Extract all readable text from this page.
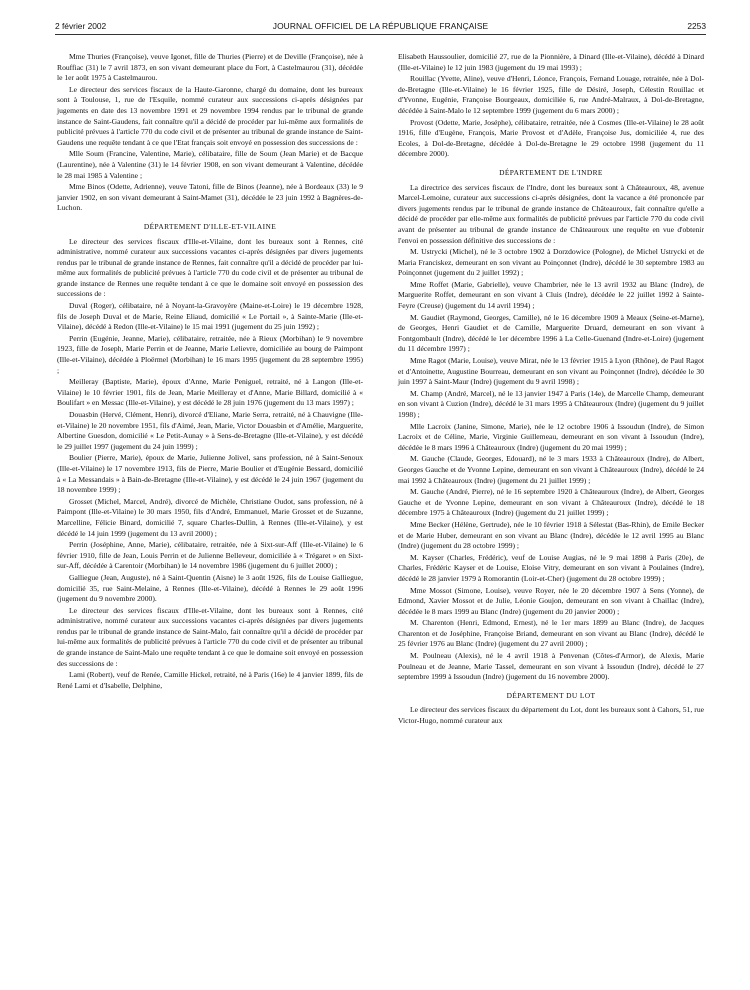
2 février 2002	JOURNAL OFFICIEL DE LA RÉPUBLIQUE FRANÇAISE	2253

Mme Thuries (Françoise), veuve Igonet, fille de Thuries (Pierre) et de Deville (Françoise), née à Rouffiac (31) le 7 avril 1873, en son vivant demeurant place du Fort, à Castelmaurou (31), décédée le 1er août 1975 à Castelmaurou.

Le directeur des services fiscaux de la Haute-Garonne, chargé du domaine, dont les bureaux sont à Toulouse, 1, rue de l'Esquile, nommé curateur aux successions ci-après désignées par jugements en date des 13 novembre 1991 et 29 novembre 1994 rendus par le tribunal de grande instance de Saint-Gaudens, fait connaître qu'il a décidé de procéder par lui-même aux formalités de publicité prévues à l'article 770 du code civil et de présenter au tribunal de grande instance de Saint-Gaudens une requête tendant à ce que l'Etat français soit envoyé en possession des successions de :

Mlle Soum (Francine, Valentine, Marie), célibataire, fille de Soum (Jean Marie) et de Bacque (Laurentine), née à Valentine (31) le 14 février 1908, en son vivant demeurant à Valentine, décédée le 28 mai 1985 à Valentine ;

Mme Binos (Odette, Adrienne), veuve Tatoni, fille de Binos (Jeanne), née à Bordeaux (33) le 9 janvier 1902, en son vivant demeurant à Saint-Mamet (31), décédée le 23 juin 1992 à Bagnères-de-Luchon.

DÉPARTEMENT D'ILLE-ET-VILAINE

Le directeur des services fiscaux d'Ille-et-Vilaine, dont les bureaux sont à Rennes, cité administrative, nommé curateur aux successions vacantes ci-après désignées par divers jugements rendus par le tribunal de grande instance de Rennes, fait connaître qu'il a décidé de procéder par lui-même aux formalités de publicité prévues à l'article 770 du code civil et de présenter au tribunal de grande instance de Rennes une requête tendant à ce que le domaine soit envoyé en possession des successions de :

Duval (Roger), célibataire, né à Noyant-la-Gravoyère (Maine-et-Loire) le 19 décembre 1928, fils de Joseph Duval et de Marie, Reine Eliaud, domicilié « Le Portail », à Sainte-Marie (Ille-et-Vilaine), décédé à Redon (Ille-et-Vilaine) le 15 mai 1991 (jugement du 25 juin 1992) ;

Perrin (Eugénie, Jeanne, Marie), célibataire, retraitée, née à Rieux (Morbihan) le 9 novembre 1923, fille de Joseph, Marie Perrin et de Jeanne, Marie Lelievre, domiciliée au bourg de Paimpont (Ille-et-Vilaine), décédée à Ploërmel (Morbihan) le 16 mars 1995 (jugement du 28 septembre 1995) ;

Meilleray (Baptiste, Marie), époux d'Anne, Marie Peniguel, retraité, né à Langon (Ille-et-Vilaine) le 10 février 1901, fils de Jean, Marie Meilleray et d'Anne, Marie Billard, domicilié à « Boulifart » en Messac (Ille-et-Vilaine), y est décédé le 28 juin 1976 (jugement du 13 mars 1997) ;

Douasbin (Hervé, Clément, Henri), divorcé d'Eliane, Marie Serra, retraité, né à Chauvigne (Ille-et-Vilaine) le 20 novembre 1951, fils d'Aimé, Jean, Marie, Victor Douasbin et d'Amélie, Marguerite, Albertine Guesdon, domicilié « Le Petit-Aunay » à Sens-de-Bretagne (Ille-et-Vilaine), y est décédé le 29 juillet 1997 (jugement du 24 juin 1999) ;

Boulier (Pierre, Marie), époux de Marie, Julienne Jolivel, sans profession, né à Saint-Senoux (Ille-et-Vilaine) le 17 novembre 1913, fils de Pierre, Marie Boulier et d'Eugénie Bessard, domicilié à « La Messandais » à Bain-de-Bretagne (Ille-et-Vilaine), y est décédé le 24 juin 1967 (jugement du 18 novembre 1999) ;

Grosset (Michel, Marcel, André), divorcé de Michèle, Christiane Oudot, sans profession, né à Paimpont (Ille-et-Vilaine) le 30 mars 1950, fils d'André, Emmanuel, Marie Grosset et de Suzanne, Marcelline, Félicie Binard, domicilié 7, square Charles-Dullin, à Rennes (Ille-et-Vilaine), y est décédé le 14 juin 1999 (jugement du 13 avril 2000) ;

Perrin (Joséphine, Anne, Marie), célibataire, retraitée, née à Sixt-sur-Aff (Ille-et-Vilaine) le 6 février 1910, fille de Jean, Louis Perrin et de Julienne Belleveur, domiciliée à « Trégaret » en Sixt-sur-Aff, décédée à Carentoir (Morbihan) le 14 novembre 1986 (jugement du 6 juillet 2000) ;

Galliegue (Jean, Auguste), né à Saint-Quentin (Aisne) le 3 août 1926, fils de Louise Galliegue, domicilié 35, rue Saint-Melaine, à Rennes (Ille-et-Vilaine), décédé à Rennes le 29 août 1996 (jugement du 9 novembre 2000).

Le directeur des services fiscaux d'Ille-et-Vilaine, dont les bureaux sont à Rennes, cité administrative, nommé curateur aux successions vacantes ci-après désignées par divers jugements rendus par le tribunal de grande instance de Saint-Malo, fait connaître qu'il a décidé de procéder par lui-même aux formalités de publicité prévues à l'article 770 du code civil et de présenter au tribunal de grande instance de Saint-Malo une requête tendant à ce que le domaine soit envoyé en possession des successions de :

Lami (Robert), veuf de Renée, Camille Hickel, retraité, né à Paris (16e) le 4 janvier 1899, fils de René Lami et d'Isabelle, Delphine,

Elisabeth Haussoulier, domicilié 27, rue de la Pionnière, à Dinard (Ille-et-Vilaine), décédé à Dinard (Ille-et-Vilaine) le 12 juin 1983 (jugement du 19 mai 1993) ;

Rouillac (Yvette, Aline), veuve d'Henri, Léonce, François, Fernand Louage, retraitée, née à Dol-de-Bretagne (Ille-et-Vilaine) le 16 février 1925, fille de Désiré, Joseph, Célestin Rouillac et d'Yvonne, Eugénie, Françoise Bourgeaux, domiciliée 6, rue André-Malraux, à Dol-de-Bretagne, décédée à Saint-Malo le 12 septembre 1999 (jugement du 6 mars 2000) ;

Provost (Odette, Marie, Joséphe), célibataire, retraitée, née à Cosmes (Ille-et-Vilaine) le 28 août 1916, fille d'Eugène, François, Marie Provost et d'Adèle, Françoise Jus, domiciliée 4, rue des Ecoles, à Dol-de-Bretagne, décédée à Dol-de-Bretagne le 29 octobre 1998 (jugement du 11 décembre 2000).

DÉPARTEMENT DE L'INDRE

La directrice des services fiscaux de l'Indre, dont les bureaux sont à Châteauroux, 48, avenue Marcel-Lemoine, curateur aux successions ci-après désignées, dont la vacance a été prononcée par divers jugements rendus par le tribunal de grande instance de Châteauroux, fait connaître qu'elle a décidé de procéder par elle-même aux formalités de publicité prévues par l'article 770 du code civil avant de présenter au tribunal de grande instance de Châteauroux une requête en vue d'obtenir l'envoi en possession définitive des successions de :

M. Ustrycki (Michel), né le 3 octobre 1902 à Dorzdowice (Pologne), de Michel Ustrycki et de Maria Franciskez, demeurant en son vivant au Poinçonnet (Indre), décédé le 30 septembre 1983 au Poinçonnet (jugement du 2 juillet 1992) ;

Mme Roffet (Marie, Gabrielle), veuve Chambrier, née le 13 avril 1932 au Blanc (Indre), de Marguerite Roffet, demeurant en son vivant à Cluis (Indre), décédée le 22 juillet 1992 à Sainte-Feyre (Creuse) (jugement du 14 avril 1994) ;

M. Gaudiet (Raymond, Georges, Camille), né le 16 décembre 1909 à Meaux (Seine-et-Marne), de Georges, Henri Gaudiet et de Camille, Marguerite Druard, demeurant en son vivant à Fontgombault (Indre), décédé le 1er décembre 1996 à La Celle-Guenand (Indre-et-Loire) (jugement du 11 décembre 1997) ;

Mme Ragot (Marie, Louise), veuve Mirat, née le 13 février 1915 à Lyon (Rhône), de Paul Ragot et d'Antoinette, Augustine Bourreau, demeurant en son vivant au Poinçonnet (Indre), décédée le 30 juin 1997 à Saint-Maur (Indre) (jugement du 9 avril 1998) ;

M. Champ (André, Marcel), né le 13 janvier 1947 à Paris (14e), de Marcelle Champ, demeurant en son vivant à Cuzion (Indre), décédé le 31 mars 1995 à Châteauroux (Indre) (jugement du 9 juillet 1998) ;

Mlle Lacroix (Janine, Simone, Marie), née le 12 octobre 1906 à Issoudun (Indre), de Simon Lacroix et de Céline, Marie, Virginie Guillemeau, demeurant en son vivant à Issoudun (Indre), décédée le 8 mars 1996 à Châteauroux (Indre) (jugement du 20 mai 1999) ;

M. Gauche (Claude, Georges, Edouard), né le 3 mars 1933 à Châteauroux (Indre), de Albert, Georges Gauche et de Yvonne Lepine, demeurant en son vivant à Châteauroux (Indre), décédé le 24 mai 1992 à Châteauroux (Indre) (jugement du 21 juillet 1999) ;

M. Gauche (André, Pierre), né le 16 septembre 1920 à Châteauroux (Indre), de Albert, Georges Gauche et de Yvonne Lepine, demeurant en son vivant à Châteauroux (Indre), décédé le 18 décembre 1975 à Châteauroux (Indre) (jugement du 21 juillet 1999) ;

Mme Becker (Hélène, Gertrude), née le 10 février 1918 à Sélestat (Bas-Rhin), de Emile Becker et de Marie Huber, demeurant en son vivant au Blanc (Indre), décédée le 12 avril 1995 au Blanc (Indre) (jugement du 28 octobre 1999) ;

M. Kayser (Charles, Frédéric), veuf de Louise Augias, né le 9 mai 1898 à Paris (20e), de Charles, Frédéric Kayser et de Louise, Eloise Vitry, demeurant en son vivant à Poulaines (Indre), décédé le 28 janvier 1979 à Romorantin (Loir-et-Cher) (jugement du 28 octobre 1999) ;

Mme Mossot (Simone, Louise), veuve Royer, née le 20 décembre 1907 à Sens (Yonne), de Edmond, Xavier Mossot et de Julie, Léonie Goujon, demeurant en son vivant à Chaillac (Indre), décédée le 8 mars 1999 au Blanc (Indre) (jugement du 20 janvier 2000) ;

M. Charenton (Henri, Edmond, Ernest), né le 1er mars 1899 au Blanc (Indre), de Jacques Charenton et de Joséphine, Françoise Briand, demeurant en son vivant au Blanc (Indre), décédé le 25 février 1976 au Blanc (Indre) (jugement du 27 avril 2000) ;

M. Poulneau (Alexis), né le 4 avril 1918 à Penvenan (Côtes-d'Armor), de Alexis, Marie Poulneau et de Jeanne, Marie Tassel, demeurant en son vivant à Issoudun (Indre), décédé le 27 septembre 1999 à Issoudun (Indre) (jugement du 16 novembre 2000).

DÉPARTEMENT DU LOT

Le directeur des services fiscaux du département du Lot, dont les bureaux sont à Cahors, 51, rue Victor-Hugo, nommé curateur aux
